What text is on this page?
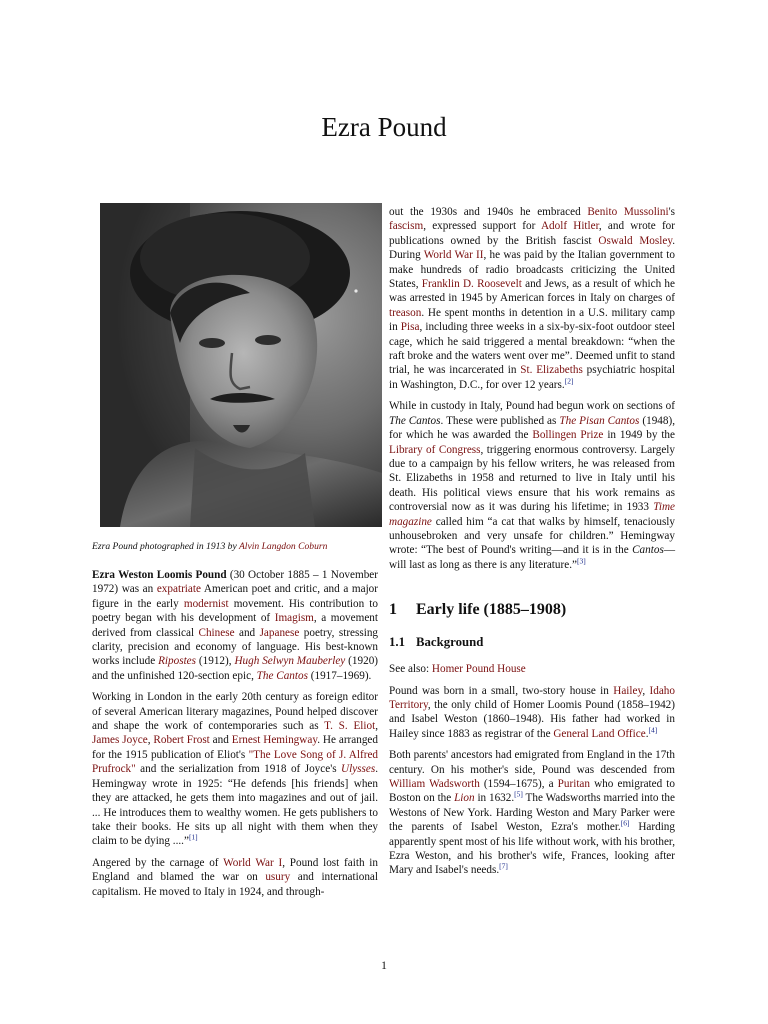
Ezra Pound
Ezra Pound photographed in 1913 by Alvin Langdon Coburn

Ezra Weston Loomis Pound (30 October 1885 – 1 November 1972) was an expatriate American poet and critic, and a major figure in the early modernist movement. His contribution to poetry began with his development of Imagism, a movement derived from classical Chinese and Japanese poetry, stressing clarity, precision and economy of language. His best-known works include Ripostes (1912), Hugh Selwyn Mauberley (1920) and the unfinished 120-section epic, The Cantos (1917–1969).

Working in London in the early 20th century as foreign editor of several American literary magazines, Pound helped discover and shape the work of contemporaries such as T. S. Eliot, James Joyce, Robert Frost and Ernest Hemingway. He arranged for the 1915 publication of Eliot's "The Love Song of J. Alfred Prufrock" and the serialization from 1918 of Joyce's Ulysses. Hemingway wrote in 1925: “He defends [his friends] when they are attacked, he gets them into magazines and out of jail. ... He introduces them to wealthy women. He gets publishers to take their books. He sits up all night with them when they claim to be dying ....”[1]

Angered by the carnage of World War I, Pound lost faith in England and blamed the war on usury and international capitalism. He moved to Italy in 1924, and through-

out the 1930s and 1940s he embraced Benito Mussolini's fascism, expressed support for Adolf Hitler, and wrote for publications owned by the British fascist Oswald Mosley. During World War II, he was paid by the Italian government to make hundreds of radio broadcasts criticizing the United States, Franklin D. Roosevelt and Jews, as a result of which he was arrested in 1945 by American forces in Italy on charges of treason. He spent months in detention in a U.S. military camp in Pisa, including three weeks in a six-by-six-foot outdoor steel cage, which he said triggered a mental breakdown: “when the raft broke and the waters went over me”. Deemed unfit to stand trial, he was incarcerated in St. Elizabeths psychiatric hospital in Washington, D.C., for over 12 years.[2]

While in custody in Italy, Pound had begun work on sections of The Cantos. These were published as The Pisan Cantos (1948), for which he was awarded the Bollingen Prize in 1949 by the Library of Congress, triggering enormous controversy. Largely due to a campaign by his fellow writers, he was released from St. Elizabeths in 1958 and returned to live in Italy until his death. His political views ensure that his work remains as controversial now as it was during his lifetime; in 1933 Time magazine called him “a cat that walks by himself, tenaciously unhousebroken and very unsafe for children.” Hemingway wrote: “The best of Pound's writing—and it is in the Cantos—will last as long as there is any literature.”[3]

1 Early life (1885–1908)
1.1 Background

See also: Homer Pound House

Pound was born in a small, two-story house in Hailey, Idaho Territory, the only child of Homer Loomis Pound (1858–1942) and Isabel Weston (1860–1948). His father had worked in Hailey since 1883 as registrar of the General Land Office.[4]

Both parents' ancestors had emigrated from England in the 17th century. On his mother's side, Pound was descended from William Wadsworth (1594–1675), a Puritan who emigrated to Boston on the Lion in 1632.[5] The Wadsworths married into the Westons of New York. Harding Weston and Mary Parker were the parents of Isabel Weston, Ezra's mother.[6] Harding apparently spent most of his life without work, with his brother, Ezra Weston, and his brother's wife, Frances, looking after Mary and Isabel's needs.[7]

1
